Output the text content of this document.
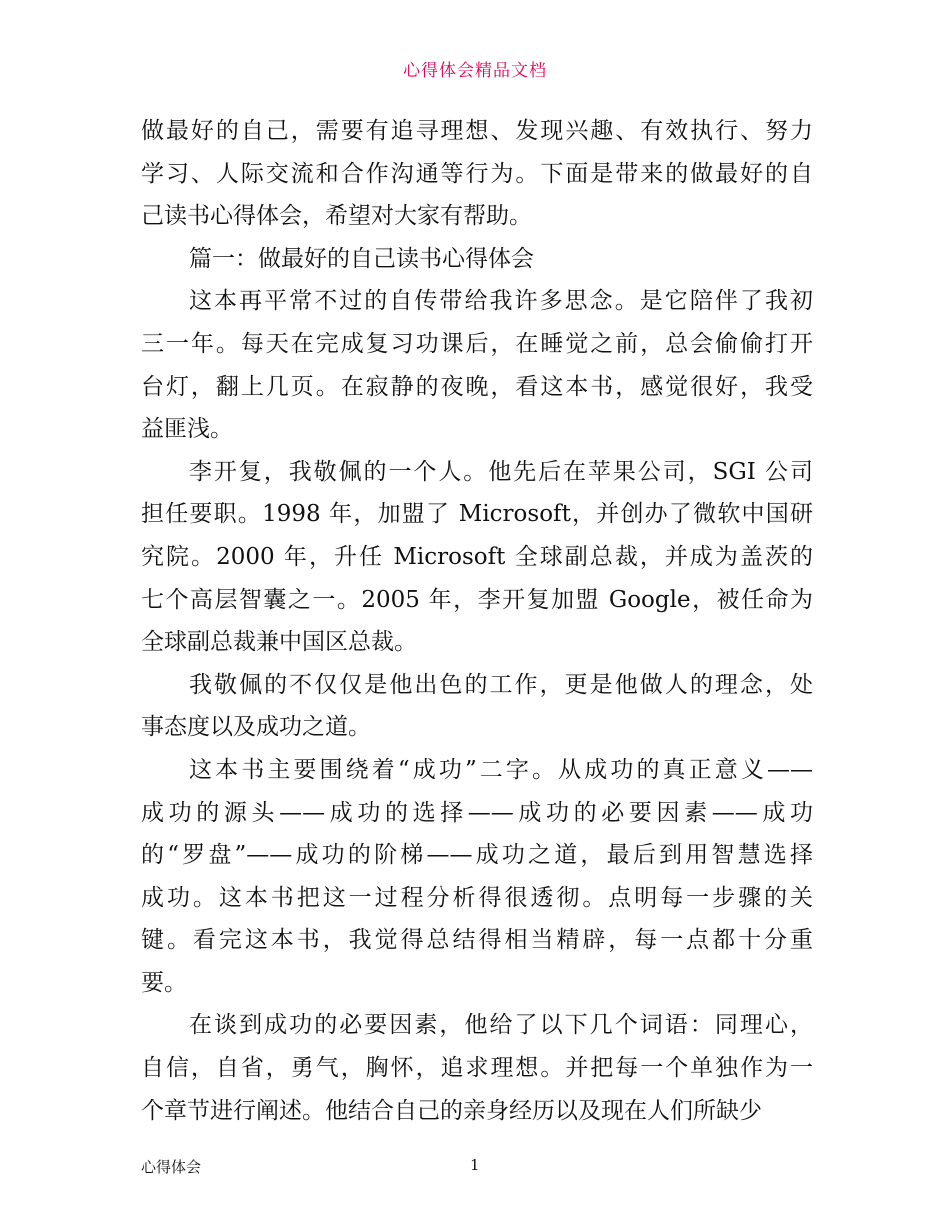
心得体会精品文档
做最好的自己，需要有追寻理想、发现兴趣、有效执行、努力
学习、人际交流和合作沟通等行为。下面是带来的做最好的自
己读书心得体会，希望对大家有帮助。
篇一：做最好的自己读书心得体会
这本再平常不过的自传带给我许多思念。是它陪伴了我初
三一年。每天在完成复习功课后，在睡觉之前，总会偷偷打开
台灯，翻上几页。在寂静的夜晚，看这本书，感觉很好，我受
益匪浅。
李开复，我敬佩的一个人。他先后在苹果公司，SGI 公司
担任要职。1998 年，加盟了 Microsoft，并创办了微软中国研
究院。2000 年，升任 Microsoft 全球副总裁，并成为盖茨的
七个高层智囊之一。2005 年，李开复加盟 Google，被任命为
全球副总裁兼中国区总裁。
我敬佩的不仅仅是他出色的工作，更是他做人的理念，处
事态度以及成功之道。
这本书主要围绕着“成功”二字。从成功的真正意义——
成功的源头——成功的选择——成功的必要因素——成功
的“罗盘”——成功的阶梯——成功之道，最后到用智慧选择
成功。这本书把这一过程分析得很透彻。点明每一步骤的关
键。看完这本书，我觉得总结得相当精辟，每一点都十分重
要。
在谈到成功的必要因素，他给了以下几个词语：同理心，
自信，自省，勇气，胸怀，追求理想。并把每一个单独作为一
个章节进行阐述。他结合自己的亲身经历以及现在人们所缺少
心得体会	1
